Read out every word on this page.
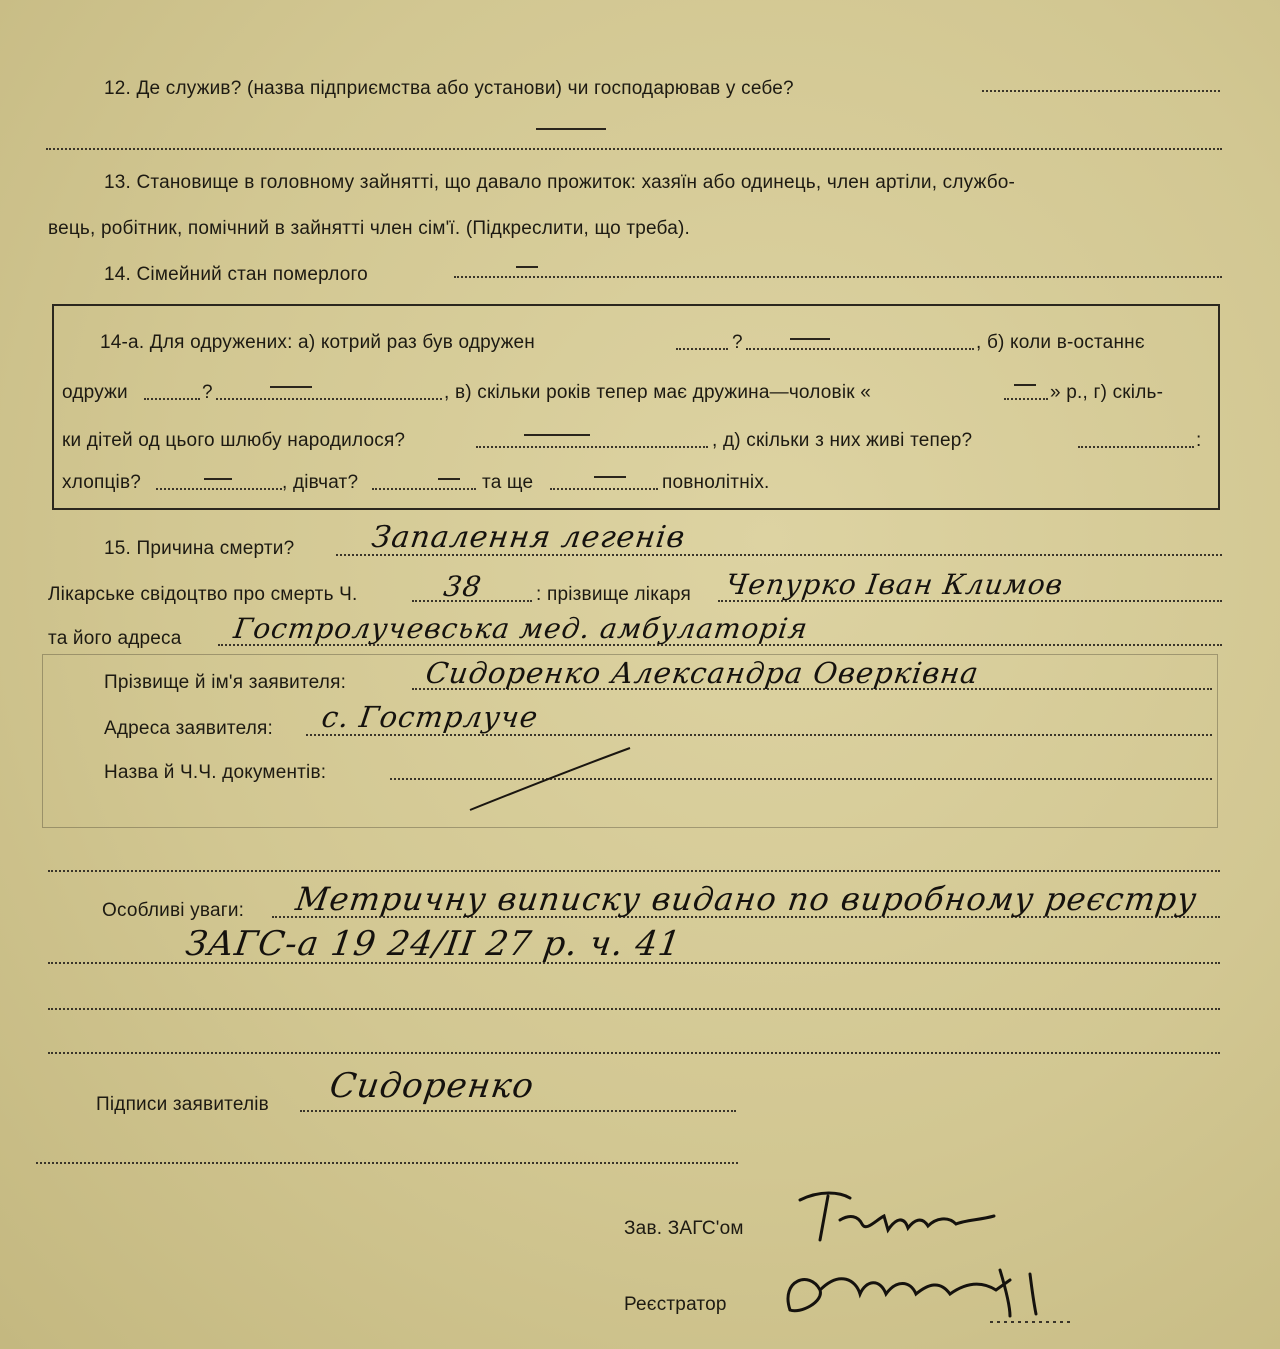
12. Де служив? (назва підприємства або установи) чи господарював у себе?
13. Становище в головному зайнятті, що давало прожиток: хазяїн або одинець, член артіли, службо-
вець, робітник, помічний в зайнятті член сім'ї. (Підкреслити, що треба).
14. Сімейний стан померлого
14-а. Для одружених: а) котрий раз був одружен	?	, б) коли в-останнє
одружи	?	, в) скільки років тепер має дружина—чоловік «	» р., г) скіль-
ки дітей од цього шлюбу народилося?	, д) скільки з них живі тепер?	:
хлопців?	, дівчат?	та ще	повнолітніх.
15. Причина смерти?	Запалення легенів
Лікарське свідоцтво про смерть Ч.	38	: прізвище лікаря Чепурко Іван Климов
та його адреса Гостролучевська мед. амбулаторія
Прізвище й ім'я заявителя:	Сидоренко Александра Оверківна
Адреса заявителя: с. Гострлуче
Назва й Ч.Ч. документів:
Особливі уваги: Метричну виписку видано по виробному реєстру
ЗАГС-а 19 24/II 27 р. ч. 41
Підписи заявителів Сидоренко
Зав. ЗАГС'ом
Реєстратор
